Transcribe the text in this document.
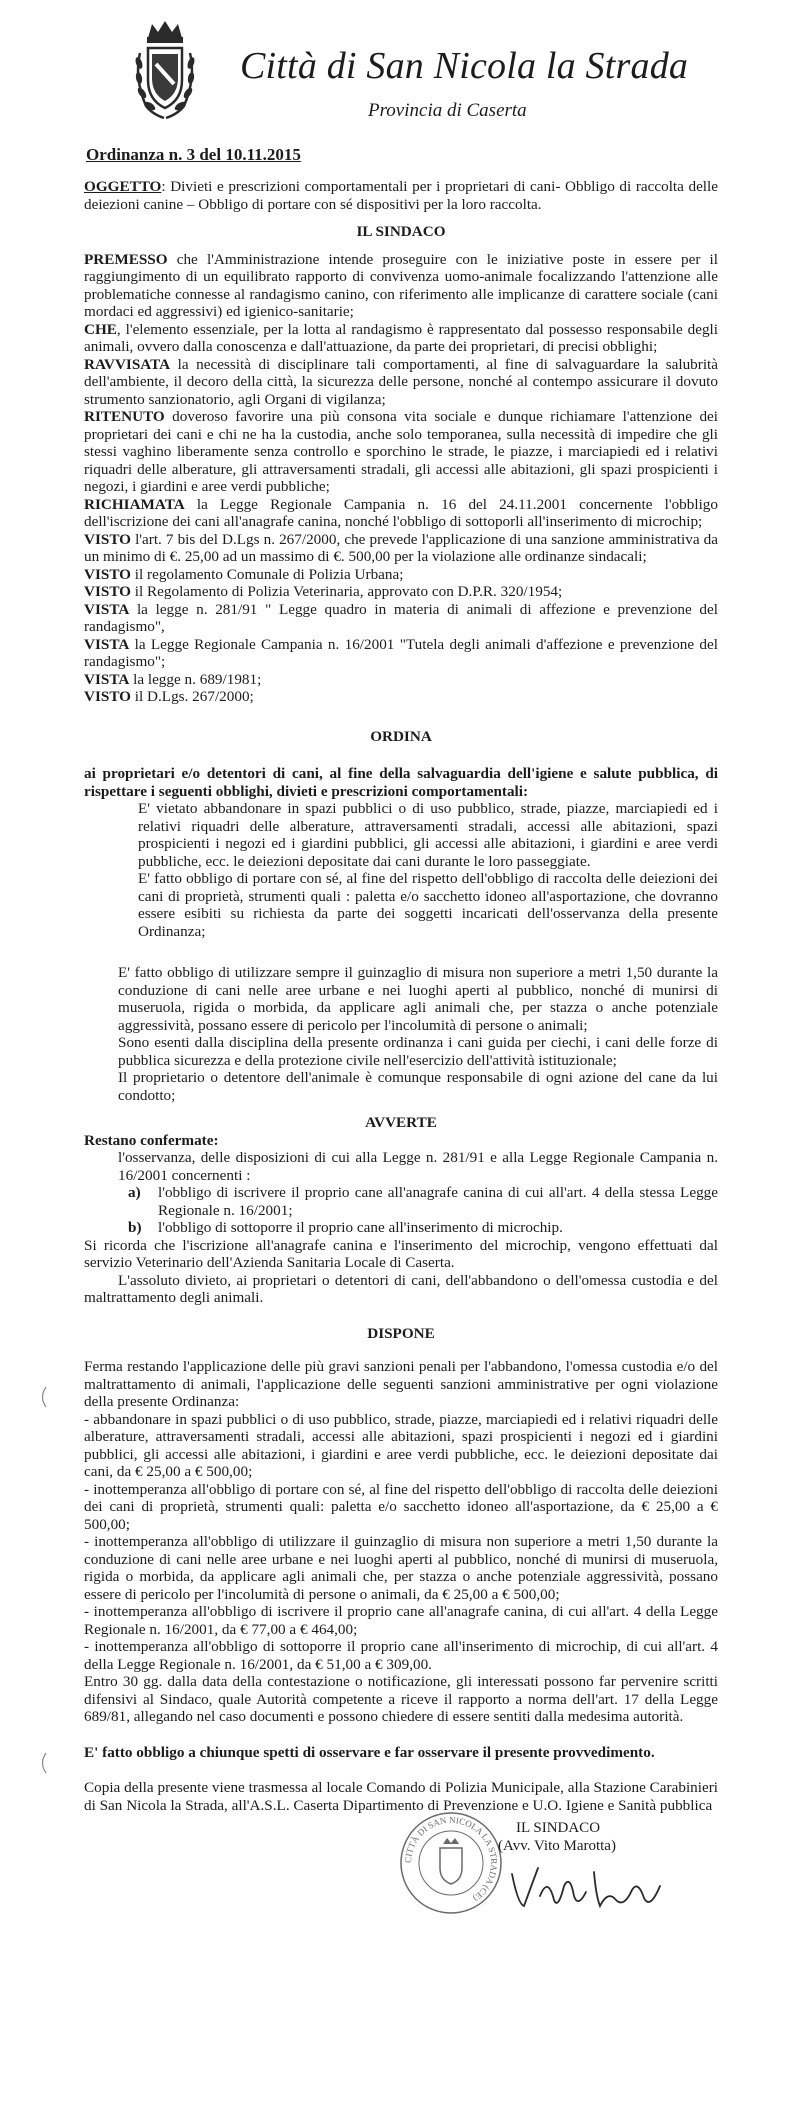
Città di San Nicola la Strada
Provincia di Caserta
Ordinanza n. 3 del 10.11.2015

OGGETTO: Divieti e prescrizioni comportamentali per i proprietari di cani- Obbligo di raccolta delle deiezioni canine – Obbligo di portare con sé dispositivi per la loro raccolta.

IL SINDACO

PREMESSO che l'Amministrazione intende proseguire con le iniziative poste in essere per il raggiungimento di un equilibrato rapporto di convivenza uomo-animale focalizzando l'attenzione alle problematiche connesse al randagismo canino, con riferimento alle implicanze di carattere sociale (cani mordaci ed aggressivi) ed igienico-sanitarie;

CHE, l'elemento essenziale, per la lotta al randagismo è rappresentato dal possesso responsabile degli animali, ovvero dalla conoscenza e dall'attuazione, da parte dei proprietari, di precisi obblighi;

RAVVISATA la necessità di disciplinare tali comportamenti, al fine di salvaguardare la salubrità dell'ambiente, il decoro della città, la sicurezza delle persone, nonché al contempo assicurare il dovuto strumento sanzionatorio, agli Organi di vigilanza;

RITENUTO doveroso favorire una più consona vita sociale e dunque richiamare l'attenzione dei proprietari dei cani e chi ne ha la custodia, anche solo temporanea, sulla necessità di impedire che gli stessi vaghino liberamente senza controllo e sporchino le strade, le piazze, i marciapiedi ed i relativi riquadri delle alberature, gli attraversamenti stradali, gli accessi alle abitazioni, gli spazi prospicienti i negozi, i giardini e aree verdi pubbliche;

RICHIAMATA la Legge Regionale Campania n. 16 del 24.11.2001 concernente l'obbligo dell'iscrizione dei cani all'anagrafe canina, nonché l'obbligo di sottoporli all'inserimento di microchip;

VISTO l'art. 7 bis del D.Lgs n. 267/2000, che prevede l'applicazione di una sanzione amministrativa da un minimo di €. 25,00 ad un massimo di €. 500,00 per la violazione alle ordinanze sindacali;

VISTO il regolamento Comunale di Polizia Urbana;

VISTO il Regolamento di Polizia Veterinaria, approvato con D.P.R. 320/1954;

VISTA la legge n. 281/91 " Legge quadro in materia di animali di affezione e prevenzione del randagismo",

VISTA la Legge Regionale Campania n. 16/2001 "Tutela degli animali d'affezione e prevenzione del randagismo";

VISTA la legge n. 689/1981;

VISTO il D.Lgs. 267/2000;

ORDINA

ai proprietari e/o detentori di cani, al fine della salvaguardia dell'igiene e salute pubblica, di rispettare i seguenti obblighi, divieti e prescrizioni comportamentali:

E' vietato abbandonare in spazi pubblici o di uso pubblico, strade, piazze, marciapiedi ed i relativi riquadri delle alberature, attraversamenti stradali, accessi alle abitazioni, spazi prospicienti i negozi ed i giardini pubblici, gli accessi alle abitazioni, i giardini e aree verdi pubbliche, ecc. le deiezioni depositate dai cani durante le loro passeggiate.

E' fatto obbligo di portare con sé, al fine del rispetto dell'obbligo di raccolta delle deiezioni dei cani di proprietà, strumenti quali : paletta e/o sacchetto idoneo all'asportazione, che dovranno essere esibiti su richiesta da parte dei soggetti incaricati dell'osservanza della presente Ordinanza;

E' fatto obbligo di utilizzare sempre il guinzaglio di misura non superiore a metri 1,50 durante la conduzione di cani nelle aree urbane e nei luoghi aperti al pubblico, nonché di munirsi di museruola, rigida o morbida, da applicare agli animali che, per stazza o anche potenziale aggressività, possano essere di pericolo per l'incolumità di persone o animali;

Sono esenti dalla disciplina della presente ordinanza i cani guida per ciechi, i cani delle forze di pubblica sicurezza e della protezione civile nell'esercizio dell'attività istituzionale;

Il proprietario o detentore dell'animale è comunque responsabile di ogni azione del cane da lui condotto;

AVVERTE

Restano confermate:

l'osservanza, delle disposizioni di cui alla Legge n. 281/91 e alla Legge Regionale Campania n. 16/2001 concernenti :

a)	l'obbligo di iscrivere il proprio cane all'anagrafe canina di cui all'art. 4 della stessa Legge Regionale n. 16/2001;
b)	l'obbligo di sottoporre il proprio cane all'inserimento di microchip.

Si ricorda che l'iscrizione all'anagrafe canina e l'inserimento del microchip, vengono effettuati dal servizio Veterinario dell'Azienda Sanitaria Locale di Caserta.

L'assoluto divieto, ai proprietari o detentori di cani, dell'abbandono o dell'omessa custodia e del maltrattamento degli animali.

DISPONE

Ferma restando l'applicazione delle più gravi sanzioni penali per l'abbandono, l'omessa custodia e/o del maltrattamento di animali, l'applicazione delle seguenti sanzioni amministrative per ogni violazione della presente Ordinanza:

- abbandonare in spazi pubblici o di uso pubblico, strade, piazze, marciapiedi ed i relativi riquadri delle alberature, attraversamenti stradali, accessi alle abitazioni, spazi prospicienti i negozi ed i giardini pubblici, gli accessi alle abitazioni, i giardini e aree verdi pubbliche, ecc. le deiezioni depositate dai cani, da € 25,00 a € 500,00;

- inottemperanza all'obbligo di portare con sé, al fine del rispetto dell'obbligo di raccolta delle deiezioni dei cani di proprietà, strumenti quali: paletta e/o sacchetto idoneo all'asportazione, da € 25,00 a € 500,00;

- inottemperanza all'obbligo di utilizzare il guinzaglio di misura non superiore a metri 1,50 durante la conduzione di cani nelle aree urbane e nei luoghi aperti al pubblico, nonché di munirsi di museruola, rigida o morbida, da applicare agli animali che, per stazza o anche potenziale aggressività, possano essere di pericolo per l'incolumità di persone o animali, da € 25,00 a € 500,00;

- inottemperanza all'obbligo di iscrivere il proprio cane all'anagrafe canina, di cui all'art. 4 della Legge Regionale n. 16/2001, da € 77,00 a € 464,00;

- inottemperanza all'obbligo di sottoporre il proprio cane all'inserimento di microchip, di cui all'art. 4 della Legge Regionale n. 16/2001, da € 51,00 a € 309,00.

Entro 30 gg. dalla data della contestazione o notificazione, gli interessati possono far pervenire scritti difensivi al Sindaco, quale Autorità competente a riceve il rapporto a norma dell'art. 17 della Legge 689/81, allegando nel caso documenti e possono chiedere di essere sentiti dalla medesima autorità.

E' fatto obbligo a chiunque spetti di osservare e far osservare il presente provvedimento.

Copia della presente viene trasmessa al locale Comando di Polizia Municipale, alla Stazione Carabinieri di San Nicola la Strada, all'A.S.L. Caserta Dipartimento di Prevenzione e U.O. Igiene e Sanità pubblica

CITTÀ DI SAN NICOLA LA STRADA (CE)
IL SINDACO
(Avv. Vito Marotta)
